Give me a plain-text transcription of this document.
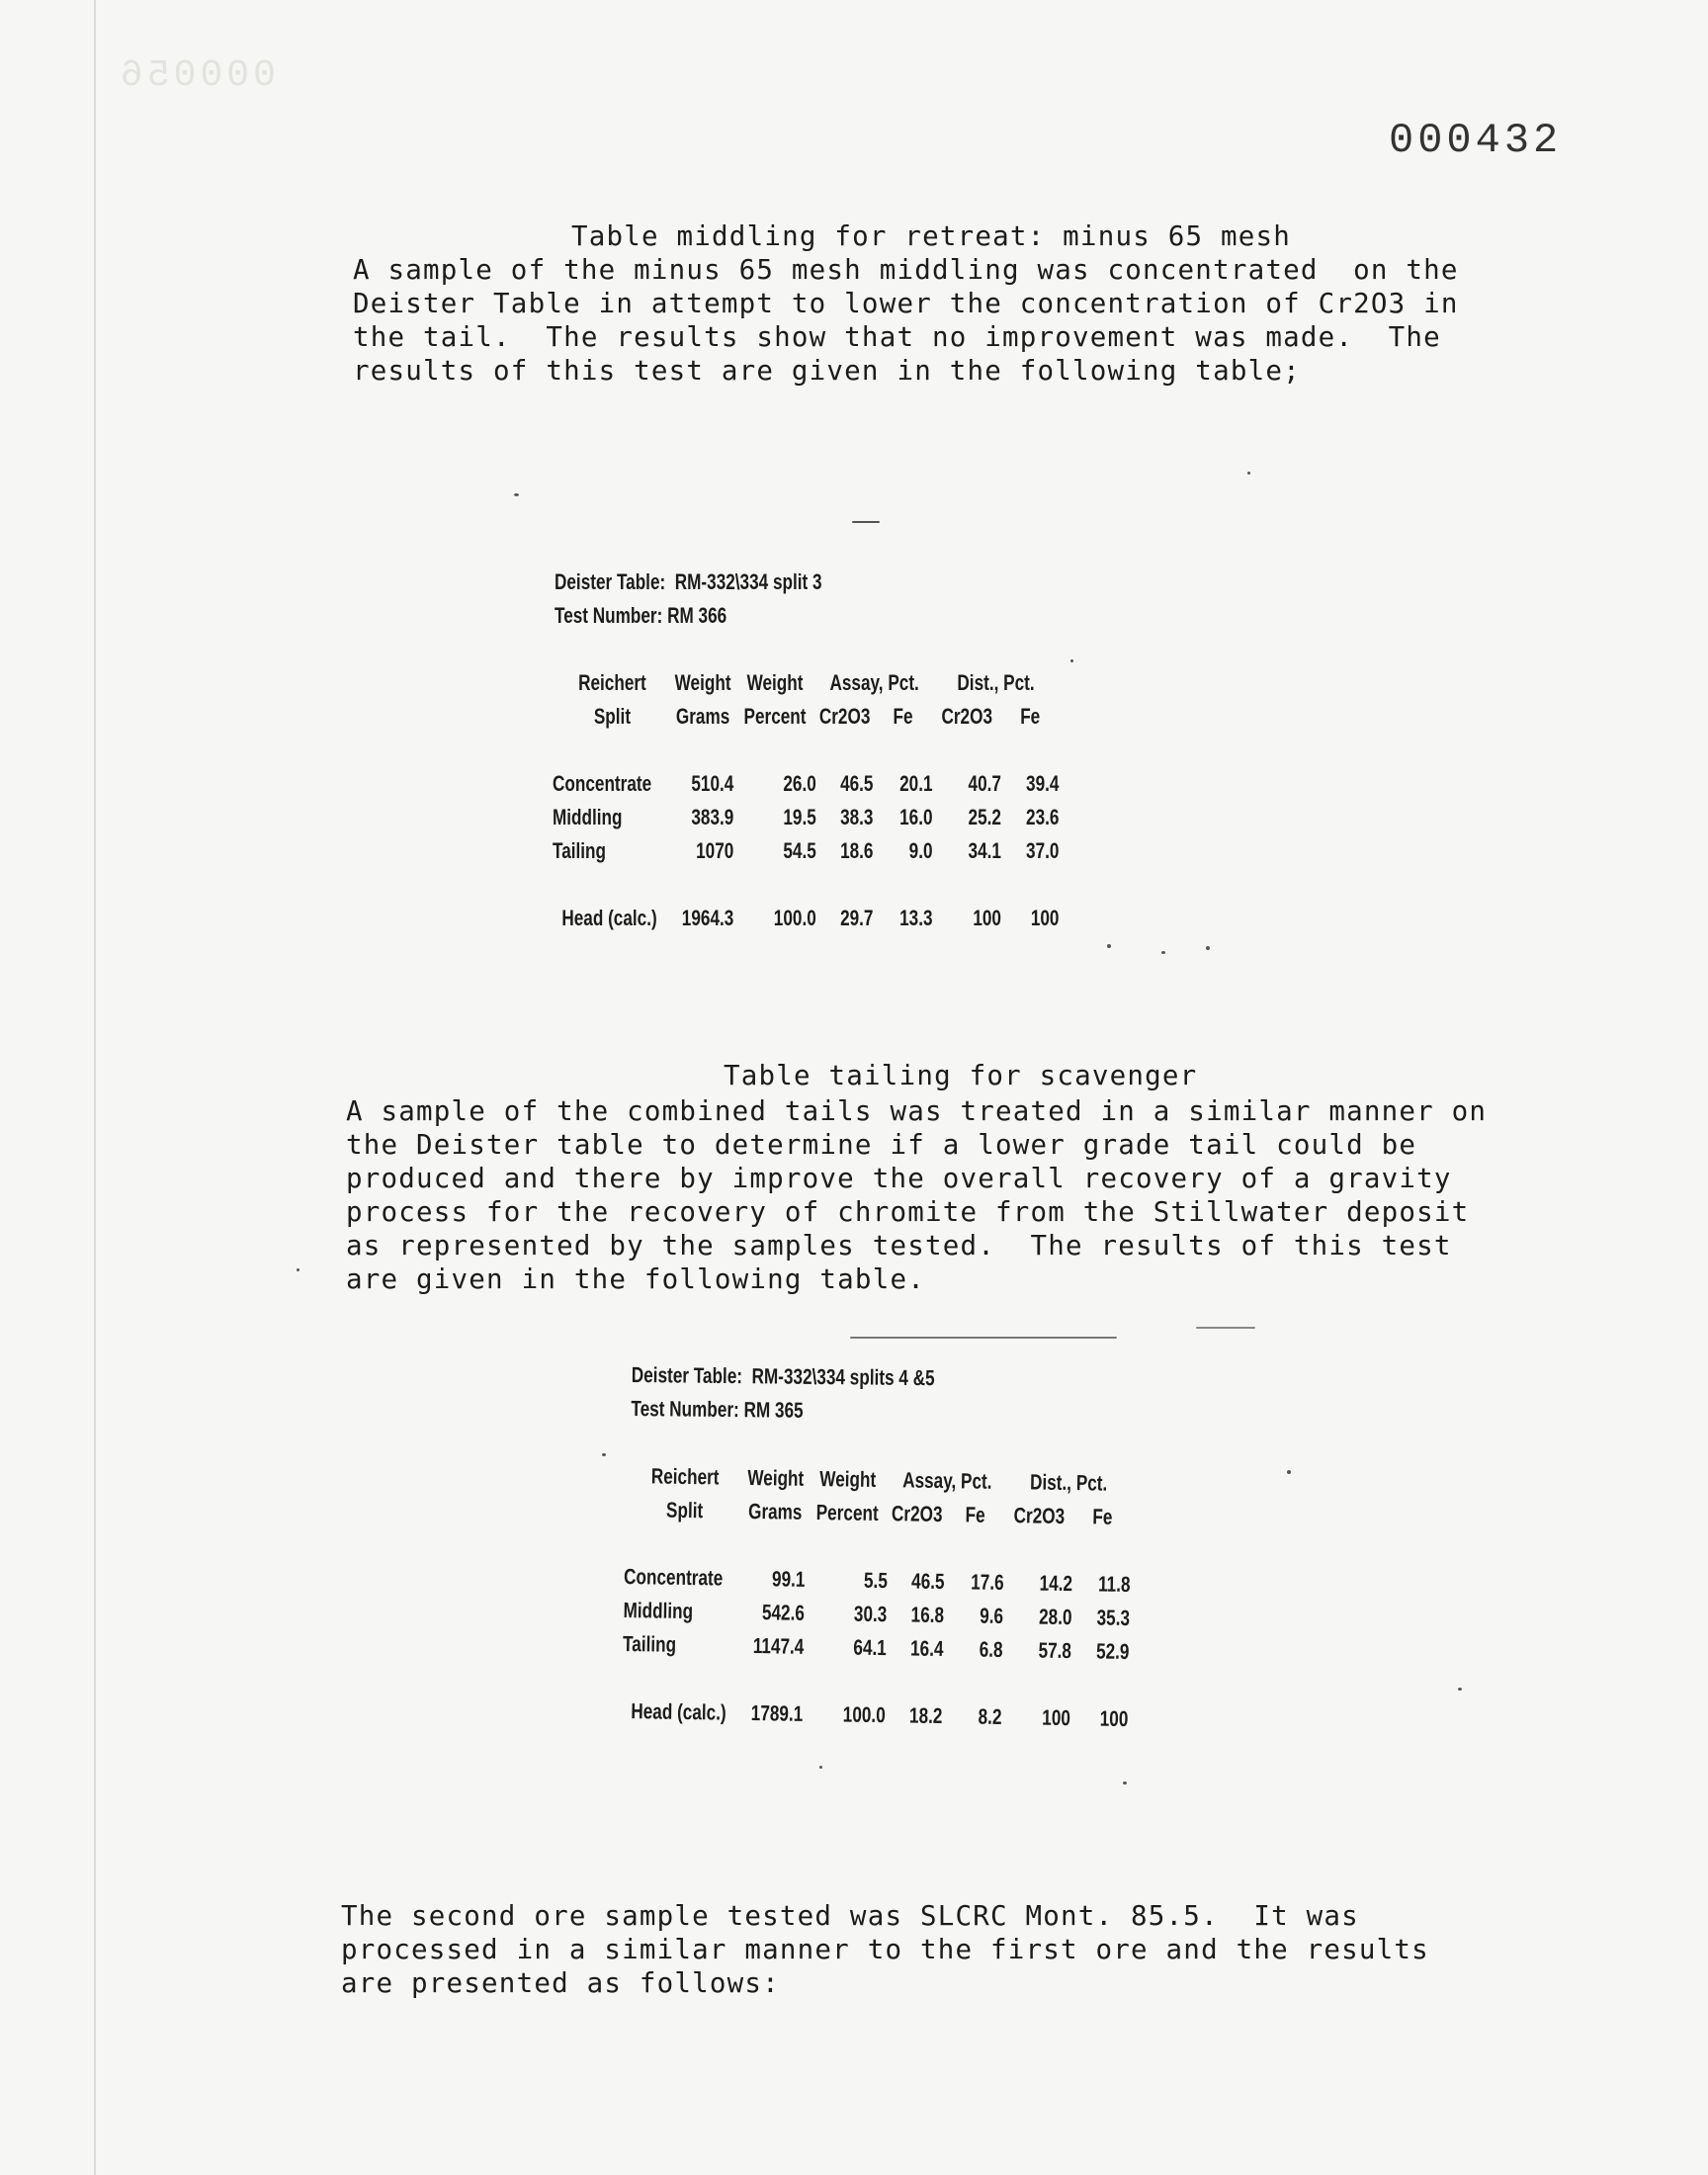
000056
000432
Table middling for retreat: minus 65 mesh
A sample of the minus 65 mesh middling was concentrated  on the
Deister Table in attempt to lower the concentration of Cr2O3 in
the tail.  The results show that no improvement was made.  The
results of this test are given in the following table;
Deister Table:  RM-332\334 split 3
Test Number: RM 366
Reichert	Weight	Weight	Assay, Pct.		Dist., Pct.	
Split	Grams	Percent	Cr2O3	Fe	Cr2O3	Fe

Concentrate	510.4	26.0	46.5	20.1	40.7	39.4
Middling	383.9	19.5	38.3	16.0	25.2	23.6
Tailing	1070	54.5	18.6	9.0	34.1	37.0

Head (calc.)	1964.3	100.0	29.7	13.3	100	100
Table tailing for scavenger
A sample of the combined tails was treated in a similar manner on
the Deister table to determine if a lower grade tail could be
produced and there by improve the overall recovery of a gravity
process for the recovery of chromite from the Stillwater deposit
as represented by the samples tested.  The results of this test
are given in the following table.
Deister Table:  RM-332\334 splits 4 &5
Test Number: RM 365
Reichert	Weight	Weight	Assay, Pct.		Dist., Pct.	
Split	Grams	Percent	Cr2O3	Fe	Cr2O3	Fe

Concentrate	99.1	5.5	46.5	17.6	14.2	11.8
Middling	542.6	30.3	16.8	9.6	28.0	35.3
Tailing	1147.4	64.1	16.4	6.8	57.8	52.9

Head (calc.)	1789.1	100.0	18.2	8.2	100	100
The second ore sample tested was SLCRC Mont. 85.5.  It was
processed in a similar manner to the first ore and the results
are presented as follows:
